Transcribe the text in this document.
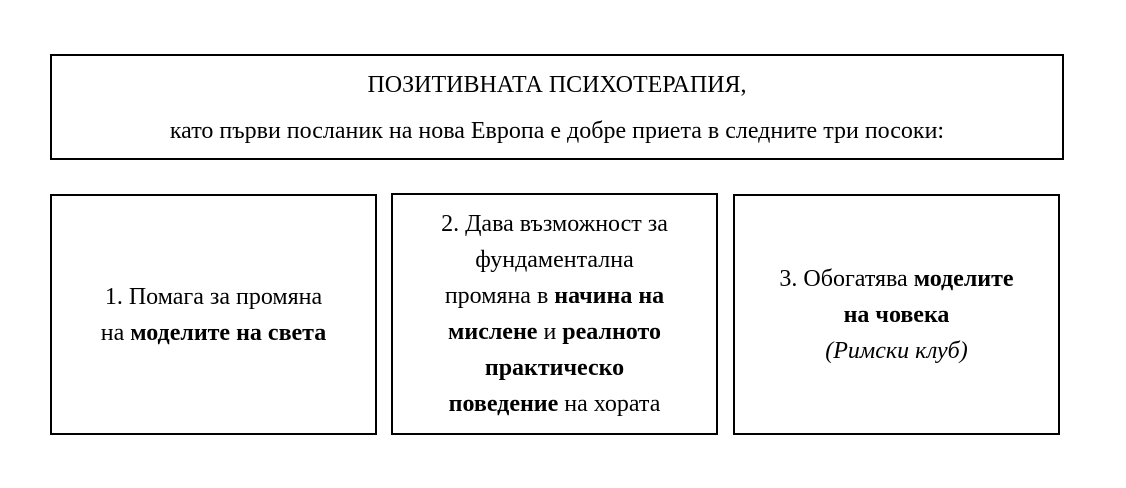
ПОЗИТИВНАТА ПСИХОТЕРАПИЯ,
като първи посланик на нова Европа е добре приета в следните три посоки:
1. Помага за промяна
на моделите на света
2. Дава възможност за
фундаментална
промяна в начина на
мислене и реалното
практическо
поведение на хората
3. Обогатява моделите
на човека
(Римски клуб)
